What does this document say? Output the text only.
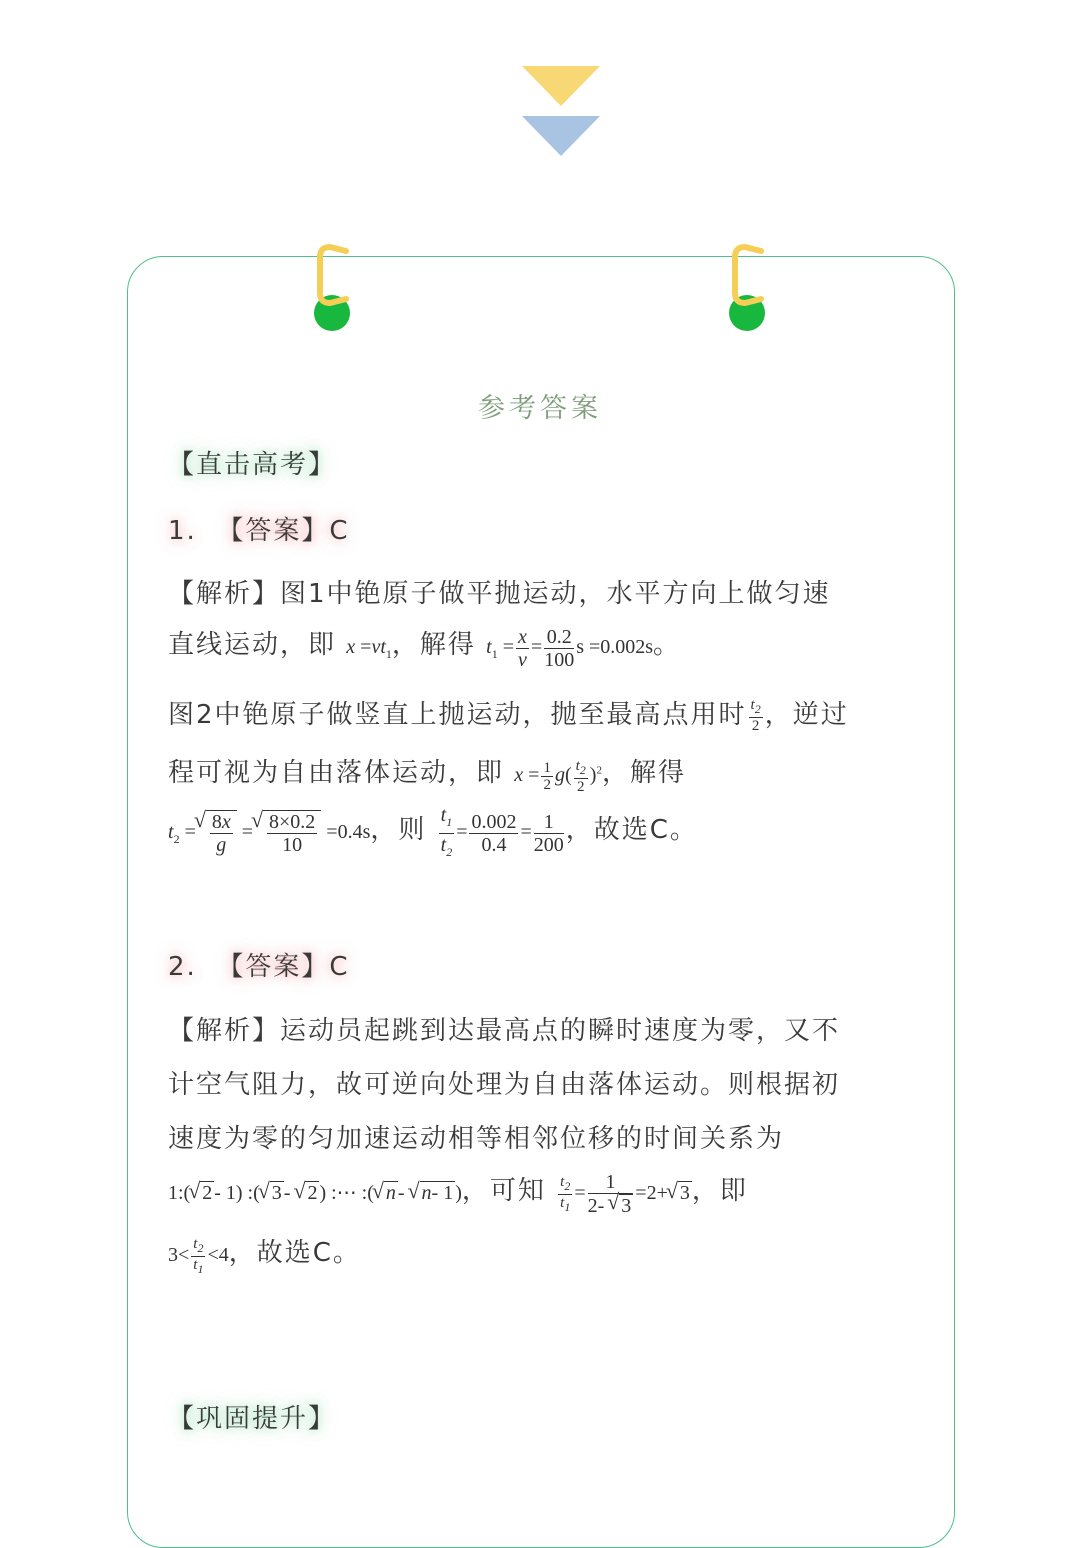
参考答案
【直击高考】
1. 【答案】C
【解析】图1中铯原子做平抛运动，水平方向上做匀速
直线运动，即 $x =vt_1$，解得 $t_1 = \frac{x}{v} = \frac{0.2}{100}$ s =0.002s。
图2中铯原子做竖直上抛运动，抛至最高点用时 $\frac{t_2}{2}$ ，逆过
程可视为自由落体运动，即 $x = \frac{1}{2} g( \frac{t_2}{2} )^2$，解得
$t_2$ =
√ $\frac{8x}{g}$ =
√ $\frac{8\times 0.2}{10} =0.4s$，则 $\frac{t_1}{t_2} = \frac{0.002}{0.4} = \frac{1}{200}$ ，故选C。
2. 【答案】C
【解析】运动员起跳到达最高点的瞬时速度为零，又不
计空气阻力，故可逆向处理为自由落体运动。则根据初
速度为零的匀加速运动相等相邻位移的时间关系为
1:(√ 2 - 1) :(√ 3 - √ 2 ) :⋯ :(√ n - √ n- 1 )，可知 $\frac{t_2}{t_1} = \frac{1}{2- √ 3} =2+√$ 3，即
$3< \frac{t_2}{t_1} <4$，故选C。
【巩固提升】
